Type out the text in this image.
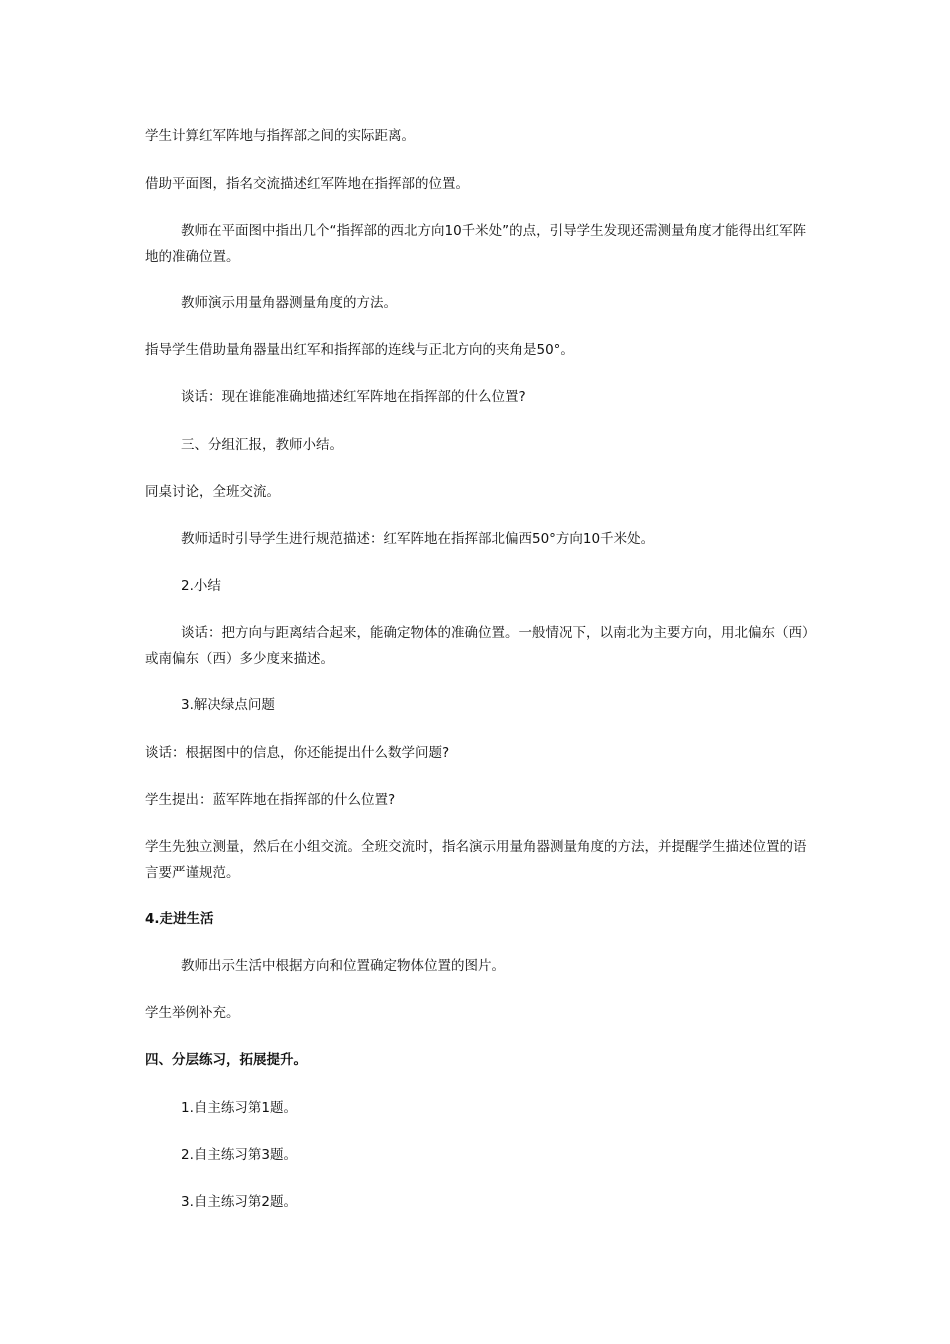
学生计算红军阵地与指挥部之间的实际距离。
借助平面图，指名交流描述红军阵地在指挥部的位置。
教师在平面图中指出几个“指挥部的西北方向10千米处”的点，引导学生发现还需测量角度才能得出红军阵地的准确位置。
教师演示用量角器测量角度的方法。
指导学生借助量角器量出红军和指挥部的连线与正北方向的夹角是50°。
谈话：现在谁能准确地描述红军阵地在指挥部的什么位置?
三、分组汇报，教师小结。
同桌讨论，全班交流。
教师适时引导学生进行规范描述：红军阵地在指挥部北偏西50°方向10千米处。
2.小结
谈话：把方向与距离结合起来，能确定物体的准确位置。一般情况下，以南北为主要方向，用北偏东（西）或南偏东（西）多少度来描述。
3.解决绿点问题
谈话：根据图中的信息，你还能提出什么数学问题?
学生提出：蓝军阵地在指挥部的什么位置?
学生先独立测量，然后在小组交流。全班交流时，指名演示用量角器测量角度的方法，并提醒学生描述位置的语言要严谨规范。
4.走进生活
教师出示生活中根据方向和位置确定物体位置的图片。
学生举例补充。
四、分层练习，拓展提升。
1.自主练习第1题。
2.自主练习第3题。
3.自主练习第2题。
